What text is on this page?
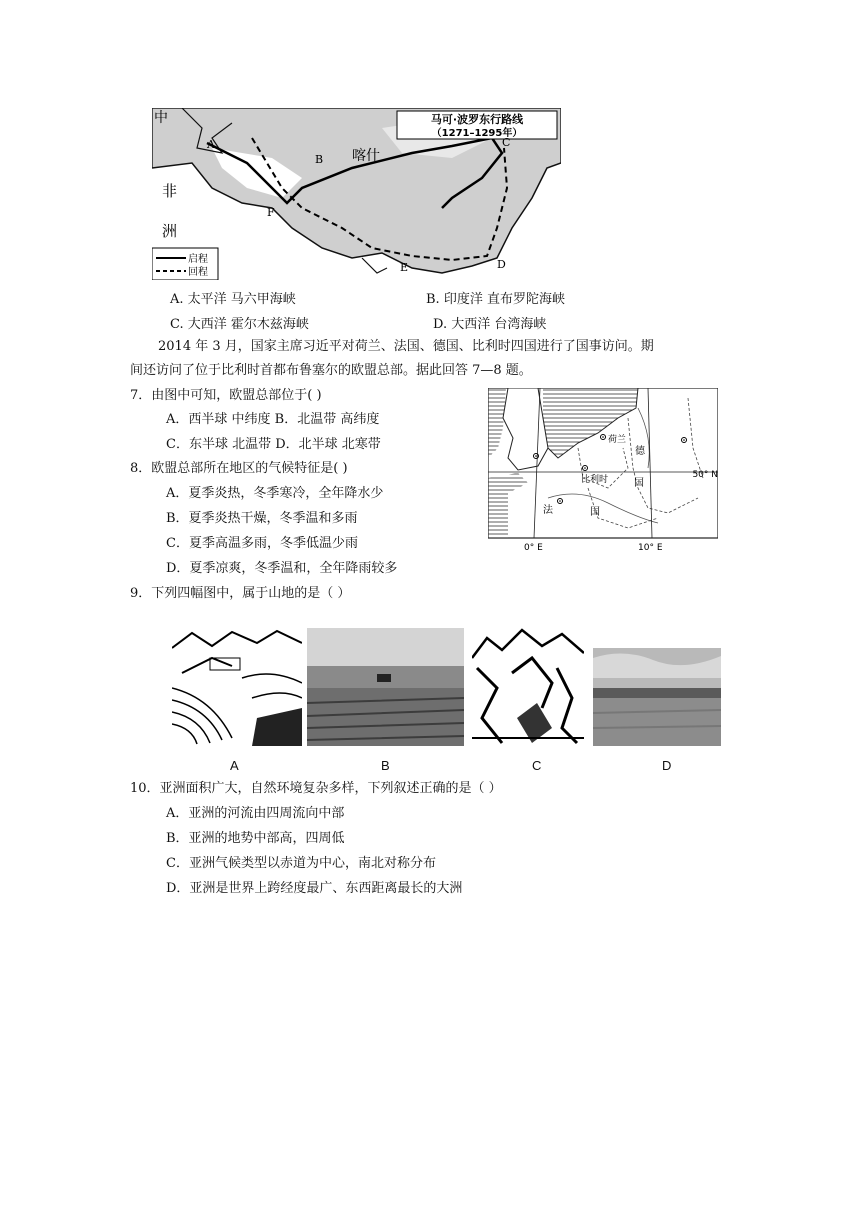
马可·波罗东行路线
（1271–1295年）
中
非
洲
喀什
A
B
C
D
E
F
启程
回程
A. 太平洋 马六甲海峡	B. 印度洋 直布罗陀海峡
C. 大西洋 霍尔木兹海峡	D. 大西洋 台湾海峡
2014 年 3 月，国家主席习近平对荷兰、法国、德国、比利时四国进行了国事访问。期
间还访问了位于比利时首都布鲁塞尔的欧盟总部。据此回答 7—8 题。
7．由图中可知，欧盟总部位于( )
A．西半球 中纬度 B．北温带 高纬度
C．东半球 北温带 D．北半球 北寒带
8．欧盟总部所在地区的气候特征是( )
A．夏季炎热，冬季寒冷，全年降水少
B．夏季炎热干燥，冬季温和多雨
C．夏季高温多雨，冬季低温少雨
D．夏季凉爽，冬季温和，全年降雨较多
荷兰
比利时
德
国
法	国
50° N
0° E	10° E
9．下列四幅图中，属于山地的是（ ）
A	B	C	D
10．亚洲面积广大，自然环境复杂多样，下列叙述正确的是（ ）
A．亚洲的河流由四周流向中部
B．亚洲的地势中部高，四周低
C．亚洲气候类型以赤道为中心，南北对称分布
D．亚洲是世界上跨经度最广、东西距离最长的大洲
